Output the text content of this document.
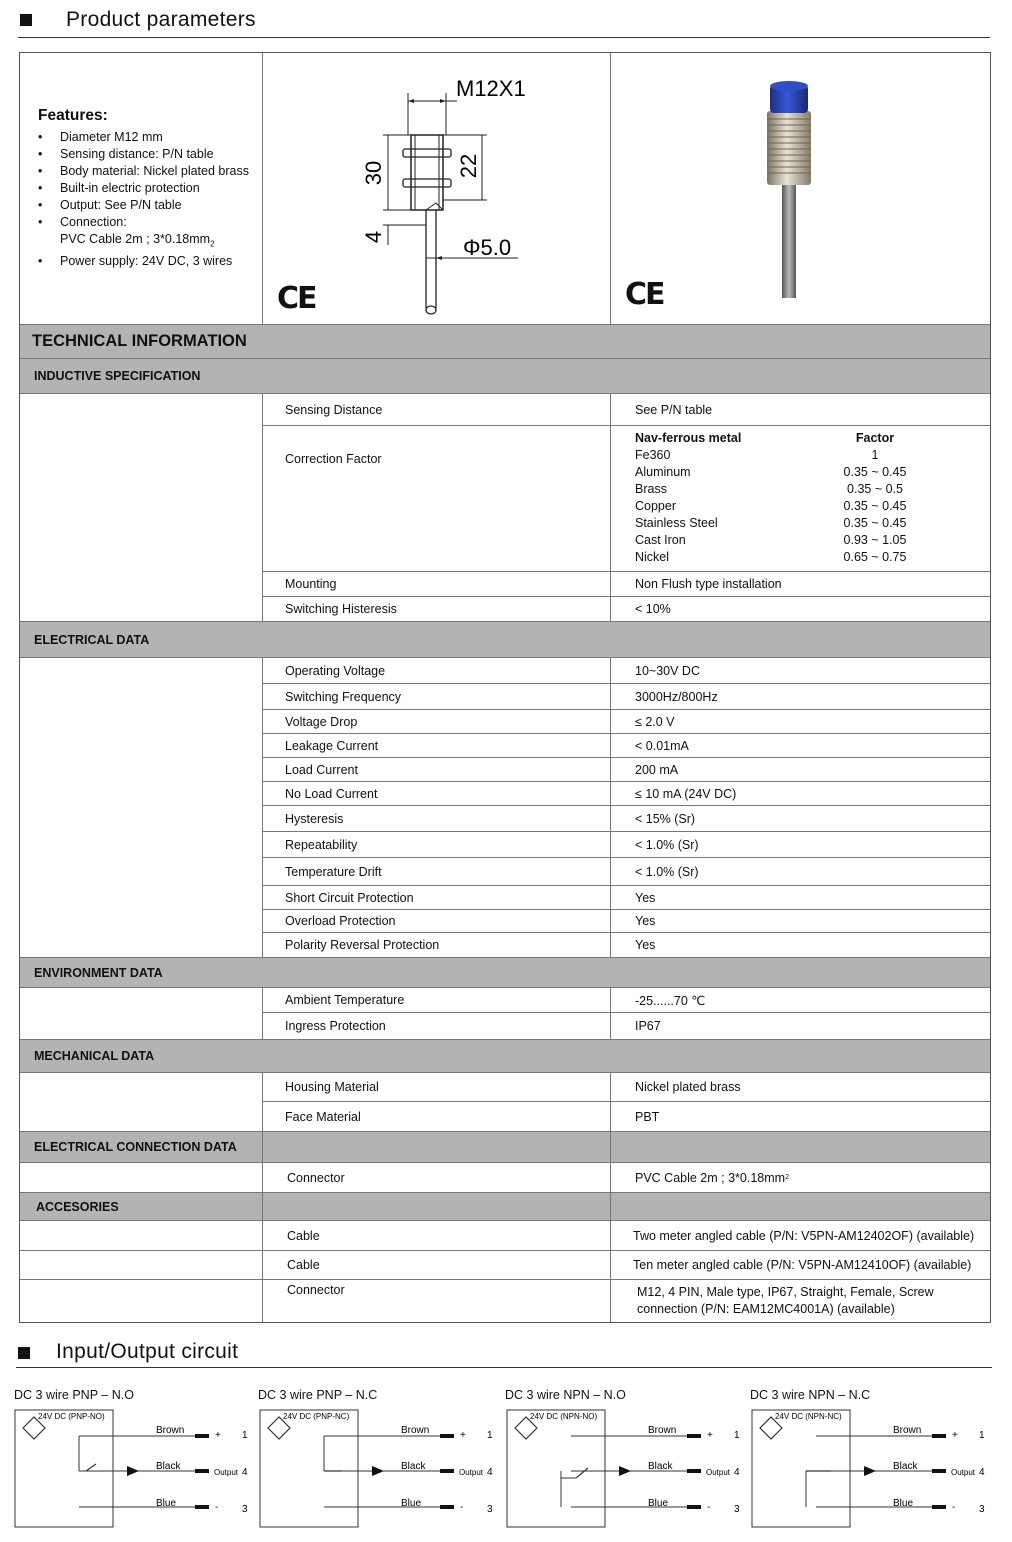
Product parameters
Features:
• Diameter M12 mm
• Sensing distance: P/N table
• Body material: Nickel plated brass
• Built-in electric protection
• Output: See P/N table
• Connection:
PVC Cable 2m ; $3*0.18mm_2$
• Power supply: 24V DC, 3 wires
M12X1
30
4
22
Φ5.0
CE	CE
TECHNICAL INFORMATION
INDUCTIVE SPECIFICATION
Sensing Distance	See P/N table
Correction Factor
Nav-ferrous metal	Factor
Fe360	1
Aluminum	0.35 ~ 0.45
Brass	0.35 ~ 0.5
Copper	0.35 ~ 0.45
Stainless Steel	0.35 ~ 0.45
Cast Iron	0.93 ~ 1.05
Nickel	0.65 ~ 0.75
Mounting	Non Flush type installation
Switching Histeresis	< 10%
ELECTRICAL DATA
Operating Voltage	10~30V DC
Switching Frequency	3000Hz/800Hz
Voltage Drop	≤ 2.0 V
Leakage Current	< 0.01mA
Load Current	200 mA
No Load Current	≤ 10 mA (24V DC)
Hysteresis	< 15% (Sr)
Repeatability	< 1.0% (Sr)
Temperature Drift	< 1.0% (Sr)
Short Circuit Protection	Yes
Overload Protection	Yes
Polarity Reversal Protection	Yes
ENVIRONMENT DATA
Ambient Temperature	-25......70 ℃
Ingress Protection	IP67
MECHANICAL DATA
Housing Material	Nickel plated brass
Face Material	PBT
ELECTRICAL CONNECTION DATA
Connector	PVC Cable 2m ; 3*0.18mm 2
ACCESORIES
Cable	Two meter angled cable (P/N: V5PN-AM12402OF) (available)
Cable	Ten meter angled cable (P/N: V5PN-AM12410OF) (available)
Connector	M12, 4 PIN, Male type, IP67, Straight, Female, Screw
connection (P/N: EAM12MC4001A) (available)
Input/Output circuit
DC 3 wire PNP – N.O	DC 3 wire PNP – N.C	DC 3 wire NPN – N.O	DC 3 wire NPN – N.C
24V DC (PNP-NO)
Brown
Black
Blue
+
-
Output
1
4
3
24V DC (PNP-NC)
Brown
Black
Blue
+
-
Output
1
4
3
24V DC (NPN-NO)
Brown
Black
Blue
+
-
Output
1
4
3
24V DC (NPN-NC)
Brown
Black
Blue
+
-
Output
1
4
3
